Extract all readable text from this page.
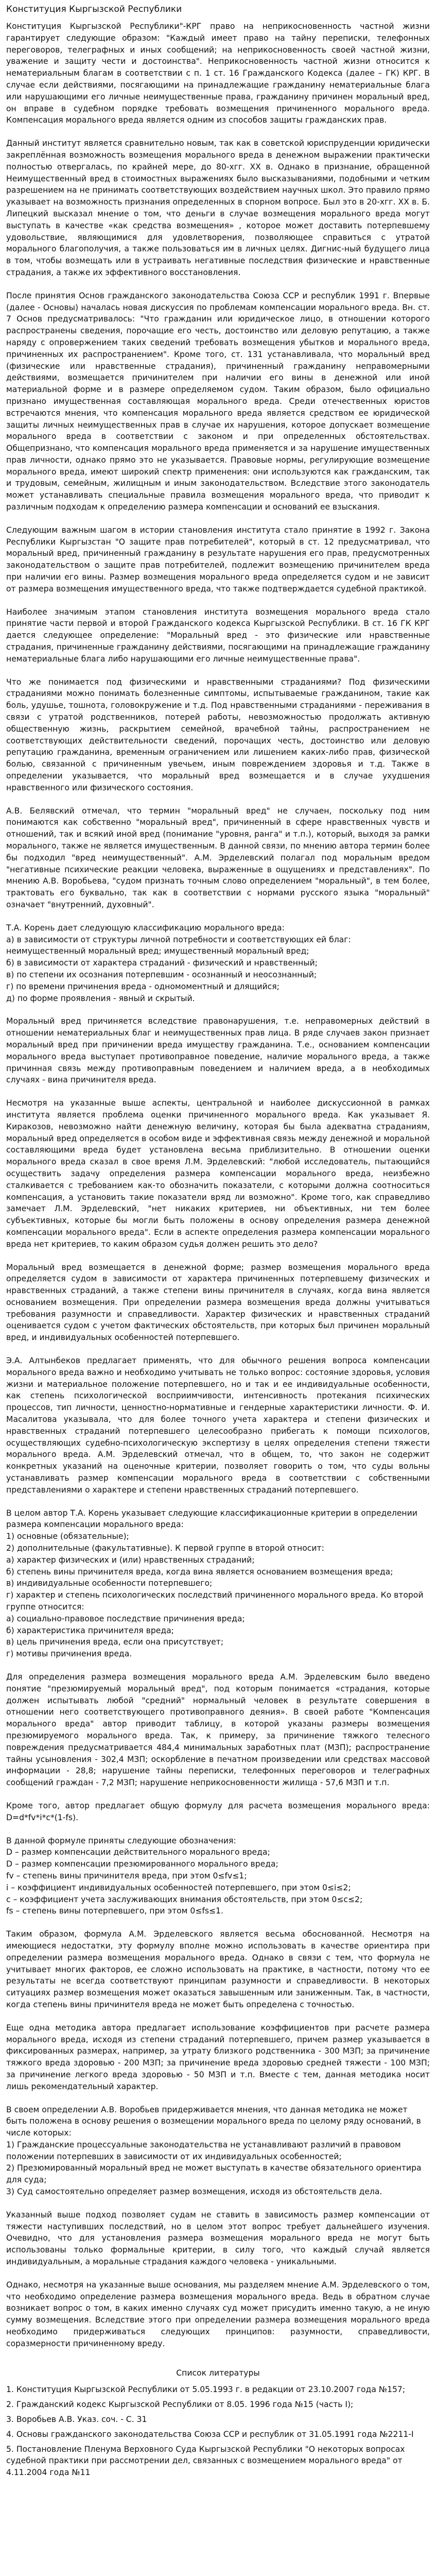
Конституция Кыргызской Республики

Конституция Кыргызской Республики"-КРГ право на неприкосновенность частной жизни гарантирует следующие образом: "Каждый имеет право на тайну переписки, телефонных переговоров, телеграфных и иных сообщений; на неприкосновенность своей частной жизни, уважение и защиту чести и достоинства". Неприкосновенность частной жизни относится к нематериальным благам в соответствии с п. 1 ст. 16 Гражданского Кодекса (далее – ГК) КРГ. В случае если действиями, посягающими на принадлежащие гражданину нематериальные блага или нарушающими его личные неимущественные права, гражданину причинен моральный вред, он вправе в судебном порядке требовать возмещения причиненного морального вреда. Компенсация морального вреда является одним из способов защиты гражданских прав.

Данный институт является сравнительно новым, так как в советской юриспруденции юридически закреплённая возможность возмещения морального вреда в денежном выражении практически полностью отвергалась, по крайней мере, до 80-хгг. XX в. Однако в признание, обращенной Неимущественный вред в стоимостных выражениях было высказываниями, подобными и четким разрешением на не принимать соответствующих воздействием научных школ. Это правило прямо указывает на возможность признания определенных в спорном вопросе. Был это в 20-хгг. ХХ в. Б. Липецкий высказал мнение о том, что деньги в случае возмещения морального вреда могут выступать в качестве «как средства возмещения» , которое может доставить потерпевшему удовольствие, являющимися для удовлетворения, позволяющее справиться с утратой морального благополучия, а также пользоваться им в личных целях. Дигнис-ный будущего лица в том, чтобы возмещать или в устраивать негативные последствия физические и нравственные страдания, а также их эффективного восстановления.

После принятия Основ гражданского законодательства Союза ССР и республик 1991 г. Впервые (далее - Основы) началась новая дискуссия по проблемам компенсации морального вреда. Вн. ст. 7 Основ предусматривалось: "Что гражданин или юридическое лицо, в отношении которого распространены сведения, порочащие его честь, достоинство или деловую репутацию, а также наряду с опровержением таких сведений требовать возмещения убытков и морального вреда, причиненных их распространением". Кроме того, ст. 131 устанавливала, что моральный вред (физические или нравственные страдания), причиненный гражданину неправомерными действиями, возмещается причинителем при наличии его вины в денежной или иной материальной форме и в размере определяемом судом. Таким образом, было официально признано имущественная составляющая морального вреда. Среди отечественных юристов встречаются мнения, что компенсация морального вреда является средством ее юридической защиты личных неимущественных прав в случае их нарушения, которое допускает возмещение морального вреда в соответствии с законом и при определенных обстоятельствах. Общепризнано, что компенсация морального вреда применяется и за нарушение имущественных прав личности, однако прямо это не указывается. Правовые нормы, регулирующие возмещение морального вреда, имеют широкий спектр применения: они используются как гражданским, так и трудовым, семейным, жилищным и иным законодательством. Вследствие этого законодатель может устанавливать специальные правила возмещения морального вреда, что приводит к различным подходам к определению размера компенсации и оснований ее взыскания.

Следующим важным шагом в истории становления института стало принятие в 1992 г. Закона Республики Кыргызстан "О защите прав потребителей", который в ст. 12 предусматривал, что моральный вред, причиненный гражданину в результате нарушения его прав, предусмотренных законодательством о защите прав потребителей, подлежит возмещению причинителем вреда при наличии его вины. Размер возмещения морального вреда определяется судом и не зависит от размера возмещения имущественного вреда, что также подтверждается судебной практикой.

Наиболее значимым этапом становления института возмещения морального вреда стало принятие части первой и второй Гражданского кодекса Кыргызской Республики. В ст. 16 ГК КРГ дается следующее определение: "Моральный вред - это физические или нравственные страдания, причиненные гражданину действиями, посягающими на принадлежащие гражданину нематериальные блага либо нарушающими его личные неимущественные права".

Что же понимается под физическими и нравственными страданиями? Под физическими страданиями можно понимать болезненные симптомы, испытываемые гражданином, такие как боль, удушье, тошнота, головокружение и т.д. Под нравственными страданиями - переживания в связи с утратой родственников, потерей работы, невозможностью продолжать активную общественную жизнь, раскрытием семейной, врачебной тайны, распространением не соответствующих действительности сведений, порочащих честь, достоинство или деловую репутацию гражданина, временным ограничением или лишением каких-либо прав, физической болью, связанной с причиненным увечьем, иным повреждением здоровья и т.д. Также в определении указывается, что моральный вред возмещается и в случае ухудшения нравственного или физического состояния.

А.В. Белявский отмечал, что термин "моральный вред" не случаен, поскольку под ним понимаются как собственно "моральный вред", причиненный в сфере нравственных чувств и отношений, так и всякий иной вред (понимание "уровня, ранга" и т.п.), который, выходя за рамки морального, также не является имущественным. В данной связи, по мнению автора термин более бы подходил "вред неимущественный". А.М. Эрделевский полагал под моральным вредом "негативные психические реакции человека, выраженные в ощущениях и представлениях". По мнению А.В. Воробьева, "судом признать точным слово определением "моральный", в тем более, трактовать его буквально, так как в соответствии с нормами русского языка "моральный" означает "внутренний, духовный".

Т.А. Корень дает следующую классификацию морального вреда:

а) в зависимости от структуры личной потребности и соответствующих ей благ: неимущественный моральный вред; имущественный моральный вред;

б) в зависимости от характера страданий - физический и нравственный;

в) по степени их осознания потерпевшим - осознанный и неосознанный;

г) по времени причинения вреда - одномоментный и длящийся;

д) по форме проявления - явный и скрытый.

Моральный вред причиняется вследствие правонарушения, т.е. неправомерных действий в отношении нематериальных благ и неимущественных прав лица. В ряде случаев закон признает моральный вред при причинении вреда имуществу гражданина. Т.е., основанием компенсации морального вреда выступает противоправное поведение, наличие морального вреда, а также причинная связь между противоправным поведением и наличием вреда, а в необходимых случаях - вина причинителя вреда.

Несмотря на указанные выше аспекты, центральной и наиболее дискуссионной в рамках института является проблема оценки причиненного морального вреда. Как указывает Я. Киракозов, невозможно найти денежную величину, которая бы была адекватна страданиям, моральный вред определяется в особом виде и эффективная связь между денежной и моральной составляющими вреда будет установлена весьма приблизительно. В отношении оценки морального вреда сказал в свое время Л.М. Эрделевский: "любой исследователь, пытающийся осуществить задачу определения размера компенсации морального вреда, неизбежно сталкивается с требованием как-то обозначить показатели, с которыми должна соотноситься компенсация, а установить такие показатели вряд ли возможно". Кроме того, как справедливо замечает Л.М. Эрделевский, "нет никаких критериев, ни объективных, ни тем более субъективных, которые бы могли быть положены в основу определения размера денежной компенсации морального вреда". Если в аспекте определения размера компенсации морального вреда нет критериев, то каким образом судья должен решить это дело?

Моральный вред возмещается в денежной форме; размер возмещения морального вреда определяется судом в зависимости от характера причиненных потерпевшему физических и нравственных страданий, а также степени вины причинителя в случаях, когда вина является основанием возмещения. При определении размера возмещения вреда должны учитываться требования разумности и справедливости. Характер физических и нравственных страданий оценивается судом с учетом фактических обстоятельств, при которых был причинен моральный вред, и индивидуальных особенностей потерпевшего.

Э.А. Алтынбеков предлагает применять, что для обычного решения вопроса компенсации морального вреда важно и необходимо учитывать не только вопрос: состояние здоровья, условия жизни и материальное положение потерпевшего, но и так и ее индивидуальные особенности, как степень психологической восприимчивости, интенсивность протекания психических процессов, тип личности, ценностно-нормативные и гендерные характеристики личности. Ф. И. Масалитова указывала, что для более точного учета характера и степени физических и нравственных страданий потерпевшего целесообразно прибегать к помощи психологов, осуществляющих судебно-психологическую экспертизу в целях определения степени тяжести морального вреда. А.М. Эрделевский отмечал, что в общем, то, что закон не содержит конкретных указаний на оценочные критерии, позволяет говорить о том, что суды вольны устанавливать размер компенсации морального вреда в соответствии с собственными представлениями о характере и степени нравственных страданий потерпевшего.

В целом автор Т.А. Корень указывает следующие классификационные критерии в определении размера компенсации морального вреда:

1) основные (обязательные);

2) дополнительные (факультативные). К первой группе в второй относит:

а) характер физических и (или) нравственных страданий;

б) степень вины причинителя вреда, когда вина является основанием возмещения вреда;

в) индивидуальные особенности потерпевшего;

г) характер и степень психологических последствий причиненного морального вреда. Ко второй группе относится:

а) социально-правовое последствие причинения вреда;

б) характеристика причинителя вреда;

в) цель причинения вреда, если она присутствует;

г) мотивы причинения вреда.

Для определения размера возмещения морального вреда А.М. Эрделевским было введено понятие "презюмируемый моральный вред", под которым понимается «страдания, которые должен испытывать любой "средний" нормальный человек в результате совершения в отношении него соответствующего противоправного деяния». В своей работе "Компенсация морального вреда" автор приводит таблицу, в которой указаны размеры возмещения презюмируемого морального вреда. Так, к примеру, за причинение тяжкого телесного повреждения предусматривается 484,4 минимальных заработных плат (МЗП); распространение тайны усыновления - 302,4 МЗП; оскорбление в печатном произведении или средствах массовой информации - 28,8; нарушение тайны переписки, телефонных переговоров и телеграфных сообщений граждан - 7,2 МЗП; нарушение неприкосновенности жилища - 57,6 МЗП и т.п.

Кроме того, автор предлагает общую формулу для расчета возмещения морального вреда: D=d*fv*i*c*(1-fs).

В данной формуле приняты следующие обозначения:

D – размер компенсации действительного морального вреда;

D – размер компенсации презюмированного морального вреда;

fv – степень вины причинителя вреда, при этом 0≤fv≤1;

i – коэффициент индивидуальных особенностей потерпевшего, при этом 0≤i≤2;

c – коэффициент учета заслуживающих внимания обстоятельств, при этом 0≤c≤2;

fs – степень вины потерпевшего, при этом 0≤fs≤1.

Таким образом, формула А.М. Эрделевского является весьма обоснованной. Несмотря на имеющиеся недостатки, эту формулу вполне можно использовать в качестве ориентира при определении размера возмещения морального вреда. Однако в связи с тем, что формула не учитывает многих факторов, ее сложно использовать на практике, в частности, потому что ее результаты не всегда соответствуют принципам разумности и справедливости. В некоторых ситуациях размер возмещения может оказаться завышенным или заниженным. Так, в частности, когда степень вины причинителя вреда не может быть определена с точностью.

Еще одна методика автора предлагает использование коэффициентов при расчете размера морального вреда, исходя из степени страданий потерпевшего, причем размер указывается в фиксированных размерах, например, за утрату близкого родственника - 300 МЗП; за причинение тяжкого вреда здоровью - 200 МЗП; за причинение вреда здоровью средней тяжести - 100 МЗП; за причинение легкого вреда здоровью - 50 МЗП и т.п. Вместе с тем, данная методика носит лишь рекомендательный характер.

В своем определении А.В. Воробьев придерживается мнения, что данная методика не может быть положена в основу решения о возмещении морального вреда по целому ряду оснований, в числе которых:

1) Гражданские процессуальные законодательства не устанавливают различий в правовом положении потерпевших в зависимости от их индивидуальных особенностей;

2) Презюмированный моральный вред не может выступать в качестве обязательного ориентира для суда;

3) Суд самостоятельно определяет размер возмещения, исходя из обстоятельств дела.

Указанный выше подход позволяет судам не ставить в зависимость размер компенсации от тяжести наступивших последствий, но в целом этот вопрос требует дальнейшего изучения. Очевидно, что для установления размера возмещения морального вреда не могут быть использованы только формальные критерии, в силу того, что каждый случай является индивидуальным, а моральные страдания каждого человека - уникальными.

Однако, несмотря на указанные выше основания, мы разделяем мнение А.М. Эрделевского о том, что необходимо определение размера возмещения морального вреда. Ведь в обратном случае возникает вопрос о том, в каких именно случаях суд может присудить именно такую, а не иную сумму возмещения. Вследствие этого при определении размера возмещения морального вреда необходимо придерживаться следующих принципов: разумности, справедливости, соразмерности причиненному вреду.

Список литературы

1. Конституция Кыргызской Республики от 5.05.1993 г. в редакции от 23.10.2007 года №157;
2. Гражданский кодекс Кыргызской Республики от 8.05. 1996 года №15 (часть I);
3. Воробьев А.В. Указ. соч. - С. 31
4. Основы гражданского законодательства Союза ССР и республик от 31.05.1991 года №2211-I
5. Постановление Пленума Верховного Суда Кыргызской Республики "О некоторых вопросах судебной практики при рассмотрении дел, связанных с возмещением морального вреда" от 4.11.2004 года №11
